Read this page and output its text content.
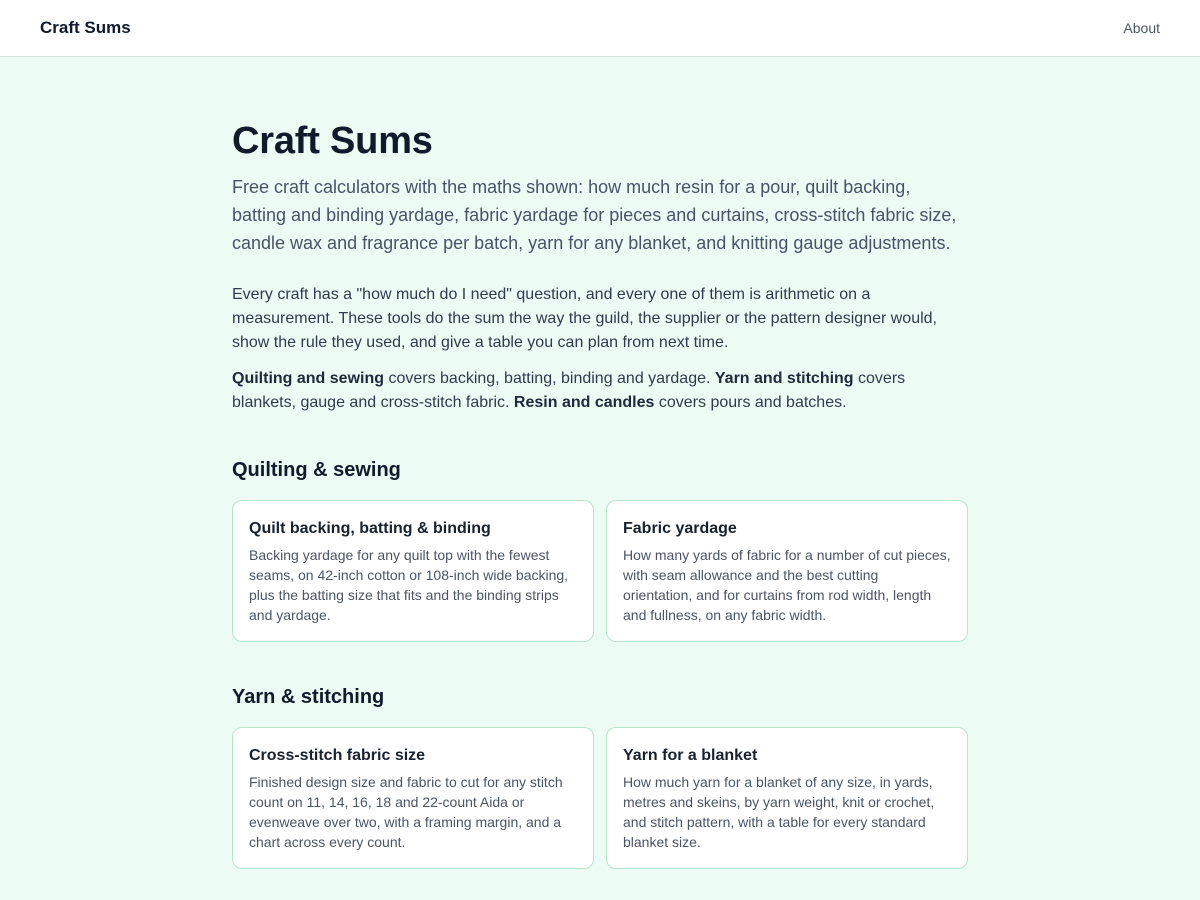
Craft Sums	About
Craft Sums

Free craft calculators with the maths shown: how much resin for a pour, quilt backing, batting and binding yardage, fabric yardage for pieces and curtains, cross-stitch fabric size, candle wax and fragrance per batch, yarn for any blanket, and knitting gauge adjustments.

Every craft has a "how much do I need" question, and every one of them is arithmetic on a measurement. These tools do the sum the way the guild, the supplier or the pattern designer would, show the rule they used, and give a table you can plan from next time.

Quilting and sewing covers backing, batting, binding and yardage. Yarn and stitching covers blankets, gauge and cross-stitch fabric. Resin and candles covers pours and batches.

Quilting & sewing
Quilt backing, batting & binding
Backing yardage for any quilt top with the fewest seams, on 42-inch cotton or 108-inch wide backing, plus the batting size that fits and the binding strips and yardage.
Fabric yardage
How many yards of fabric for a number of cut pieces, with seam allowance and the best cutting orientation, and for curtains from rod width, length and fullness, on any fabric width.
Yarn & stitching
Cross-stitch fabric size
Finished design size and fabric to cut for any stitch count on 11, 14, 16, 18 and 22-count Aida or evenweave over two, with a framing margin, and a chart across every count.
Yarn for a blanket
How much yarn for a blanket of any size, in yards, metres and skeins, by yarn weight, knit or crochet, and stitch pattern, with a table for every standard blanket size.
